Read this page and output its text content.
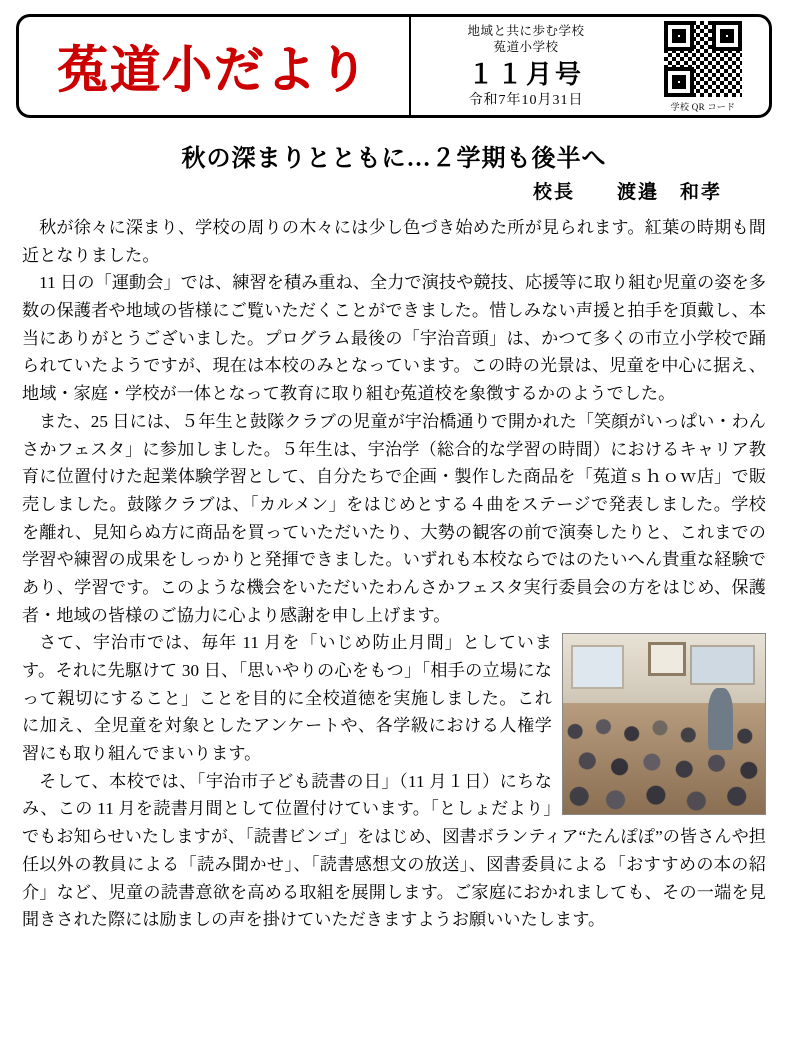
菟道小だより
地域と共に歩む学校
菟道小学校
１１月号
令和7年10月31日	学校 QR コード
秋の深まりとともに…２学期も後半へ
校長　　渡邉　和孝

秋が徐々に深まり、学校の周りの木々には少し色づき始めた所が見られます。紅葉の時期も間近となりました。

11 日の「運動会」では、練習を積み重ね、全力で演技や競技、応援等に取り組む児童の姿を多数の保護者や地域の皆様にご覧いただくことができました。惜しみない声援と拍手を頂戴し、本当にありがとうございました。プログラム最後の「宇治音頭」は、かつて多くの市立小学校で踊られていたようですが、現在は本校のみとなっています。この時の光景は、児童を中心に据え、地域・家庭・学校が一体となって教育に取り組む菟道校を象徴するかのようでした。

また、25 日には、５年生と鼓隊クラブの児童が宇治橋通りで開かれた「笑顔がいっぱい・わんさかフェスタ」に参加しました。５年生は、宇治学（総合的な学習の時間）におけるキャリア教育に位置付けた起業体験学習として、自分たちで企画・製作した商品を「菟道ｓｈｏｗ店」で販売しました。鼓隊クラブは、「カルメン」をはじめとする４曲をステージで発表しました。学校を離れ、見知らぬ方に商品を買っていただいたり、大勢の観客の前で演奏したりと、これまでの学習や練習の成果をしっかりと発揮できました。いずれも本校ならではのたいへん貴重な経験であり、学習です。このような機会をいただいたわんさかフェスタ実行委員会の方をはじめ、保護者・地域の皆様のご協力に心より感謝を申し上げます。

さて、宇治市では、毎年 11 月を「いじめ防止月間」としています。それに先駆けて 30 日、「思いやりの心をもつ」「相手の立場になって親切にすること」ことを目的に全校道徳を実施しました。これに加え、全児童を対象としたアンケートや、各学級における人権学習にも取り組んでまいります。

そして、本校では、「宇治市子ども読書の日」（11 月１日）にちなみ、この 11 月を読書月間として位置付けています。「としょだより」でもお知らせいたしますが、「読書ビンゴ」をはじめ、図書ボランティア“たんぽぽ”の皆さんや担任以外の教員による「読み聞かせ」、「読書感想文の放送」、図書委員による「おすすめの本の紹介」など、児童の読書意欲を高める取組を展開します。ご家庭におかれましても、その一端を見聞きされた際には励ましの声を掛けていただきますようお願いいたします。
